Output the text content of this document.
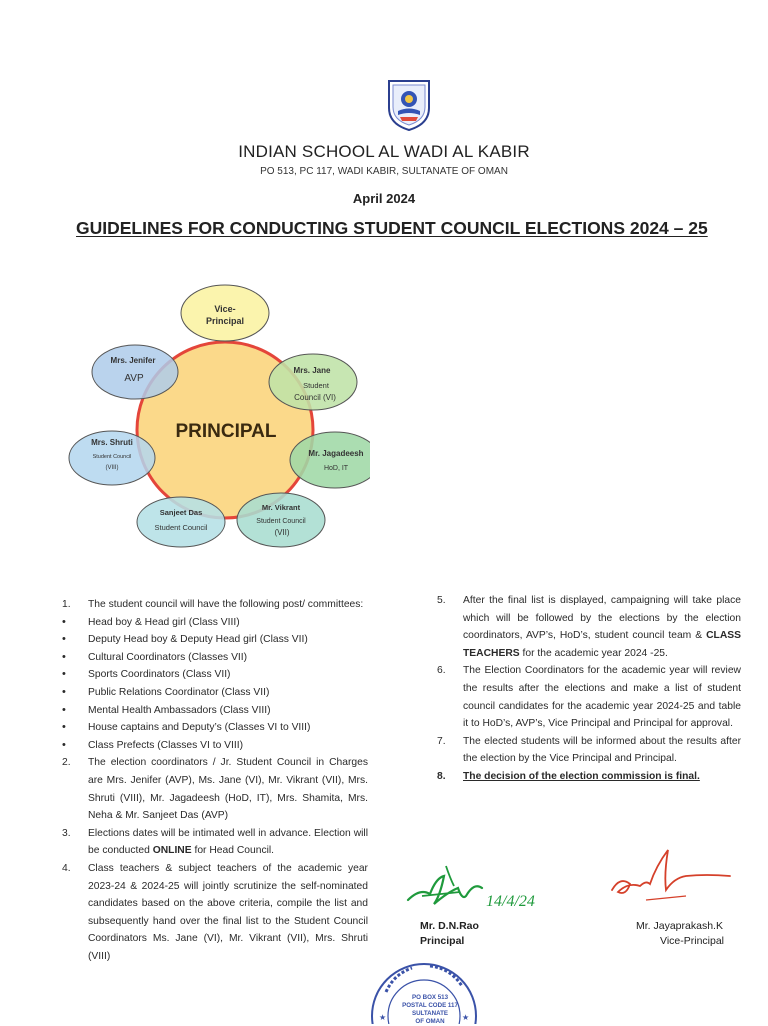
INDIAN SCHOOL AL WADI AL KABIR
PO 513, PC 117, WADI KABIR, SULTANATE OF OMAN
April 2024
GUIDELINES FOR CONDUCTING STUDENT COUNCIL ELECTIONS 2024 – 25
PRINCIPAL
Vice-
Principal
Mrs. Jenifer
AVP
Mrs. Jane
Student
Council (VI)
Mrs. Shruti
Student Council
(VIII)
Mr. Jagadeesh
HoD, IT
Sanjeet Das
Student Council
Mr. Vikrant
Student Council
(VII)
1. The student council will have the following post/ committees:
• Head boy & Head girl (Class VIII)
• Deputy Head boy & Deputy Head girl (Class VII)
• Cultural Coordinators (Classes VII)
• Sports Coordinators (Class VII)
• Public Relations Coordinator (Class VII)
• Mental Health Ambassadors (Class VIII)
• House captains and Deputy’s (Classes VI to VIII)
• Class Prefects (Classes VI to VIII)
2. The election coordinators / Jr. Student Council in Charges are Mrs. Jenifer (AVP), Ms. Jane (VI), Mr. Vikrant (VII), Mrs. Shruti (VIII), Mr. Jagadeesh (HoD, IT), Mrs. Shamita, Mrs. Neha & Mr. Sanjeet Das (AVP)
3. Elections dates will be intimated well in advance. Election will be conducted ONLINE for Head Council.
4. Class teachers & subject teachers of the academic year 2023-24 & 2024-25 will jointly scrutinize the self-nominated candidates based on the above criteria, compile the list and subsequently hand over the final list to the Student Council Coordinators Ms. Jane (VI), Mr. Vikrant (VII), Mrs. Shruti (VIII)
5. After the final list is displayed, campaigning will take place which will be followed by the elections by the election coordinators, AVP’s, HoD’s, student council team & CLASS TEACHERS for the academic year 2024 -25.
6. The Election Coordinators for the academic year will review the results after the elections and make a list of student council candidates for the academic year 2024-25 and table it to HoD’s, AVP’s, Vice Principal and Principal for approval.
7. The elected students will be informed about the results after the election by the Vice Principal and Principal.
8. The decision of the election commission is final.
14/4/24
Mr. D.N.Rao
Principal
Mr. Jayaprakash.K
Vice-Principal
★	★
PO BOX 513
POSTAL CODE 117
SULTANATE
OF OMAN
